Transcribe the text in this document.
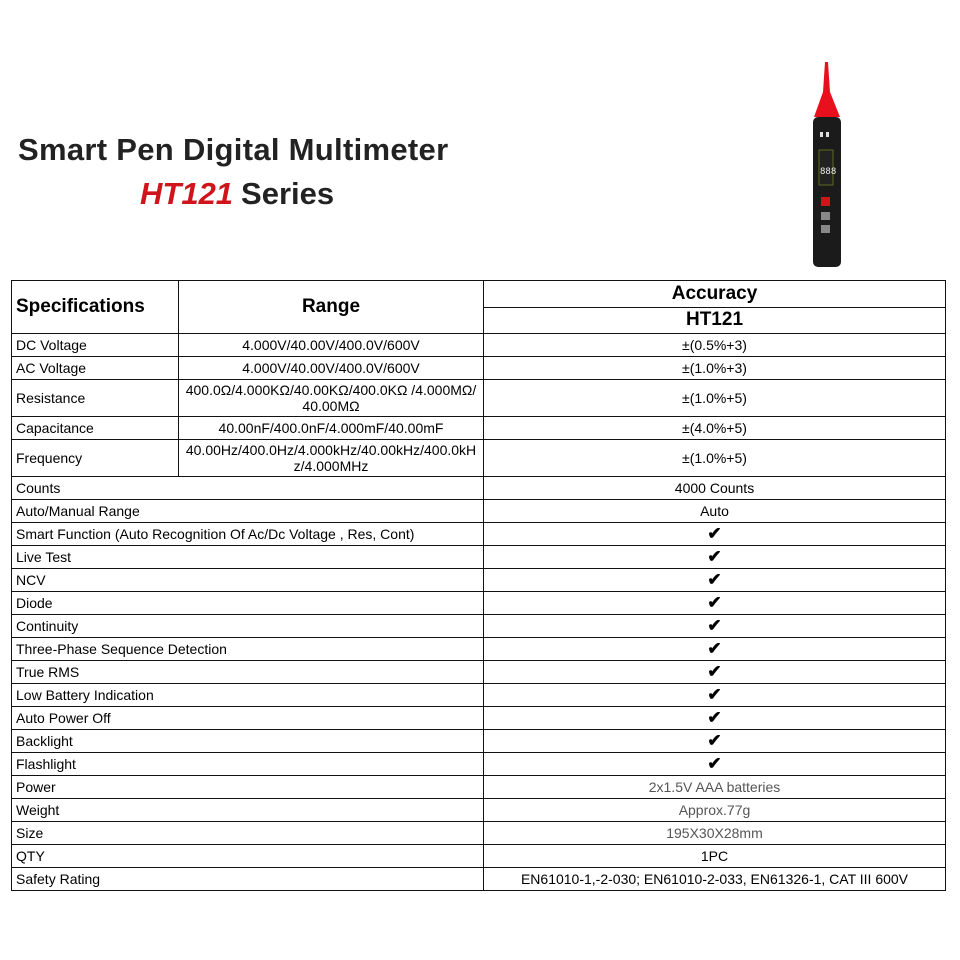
Smart Pen Digital Multimeter
HT121 Series
888
Specifications	Range	Accuracy
		HT121
DC Voltage	4.000V/40.00V/400.0V/600V	±(0.5%+3)
AC Voltage	4.000V/40.00V/400.0V/600V	±(1.0%+3)
Resistance	400.0Ω/4.000KΩ/40.00KΩ/400.0KΩ /4.000MΩ/40.00MΩ	±(1.0%+5)
Capacitance	40.00nF/400.0nF/4.000mF/40.00mF	±(4.0%+5)
Frequency	40.00Hz/400.0Hz/4.000kHz/40.00kHz/400.0kHz/4.000MHz	±(1.0%+5)
Counts		4000 Counts
Auto/Manual Range		Auto
Smart Function (Auto Recognition Of Ac/Dc Voltage , Res, Cont)		✔
Live Test		✔
NCV		✔
Diode		✔
Continuity		✔
Three-Phase Sequence Detection		✔
True RMS		✔
Low Battery Indication		✔
Auto Power Off		✔
Backlight		✔
Flashlight		✔
Power		2x1.5V AAA batteries
Weight		Approx.77g
Size		195X30X28mm
QTY		1PC
Safety Rating		EN61010-1,-2-030; EN61010-2-033, EN61326-1, CAT III 600V
